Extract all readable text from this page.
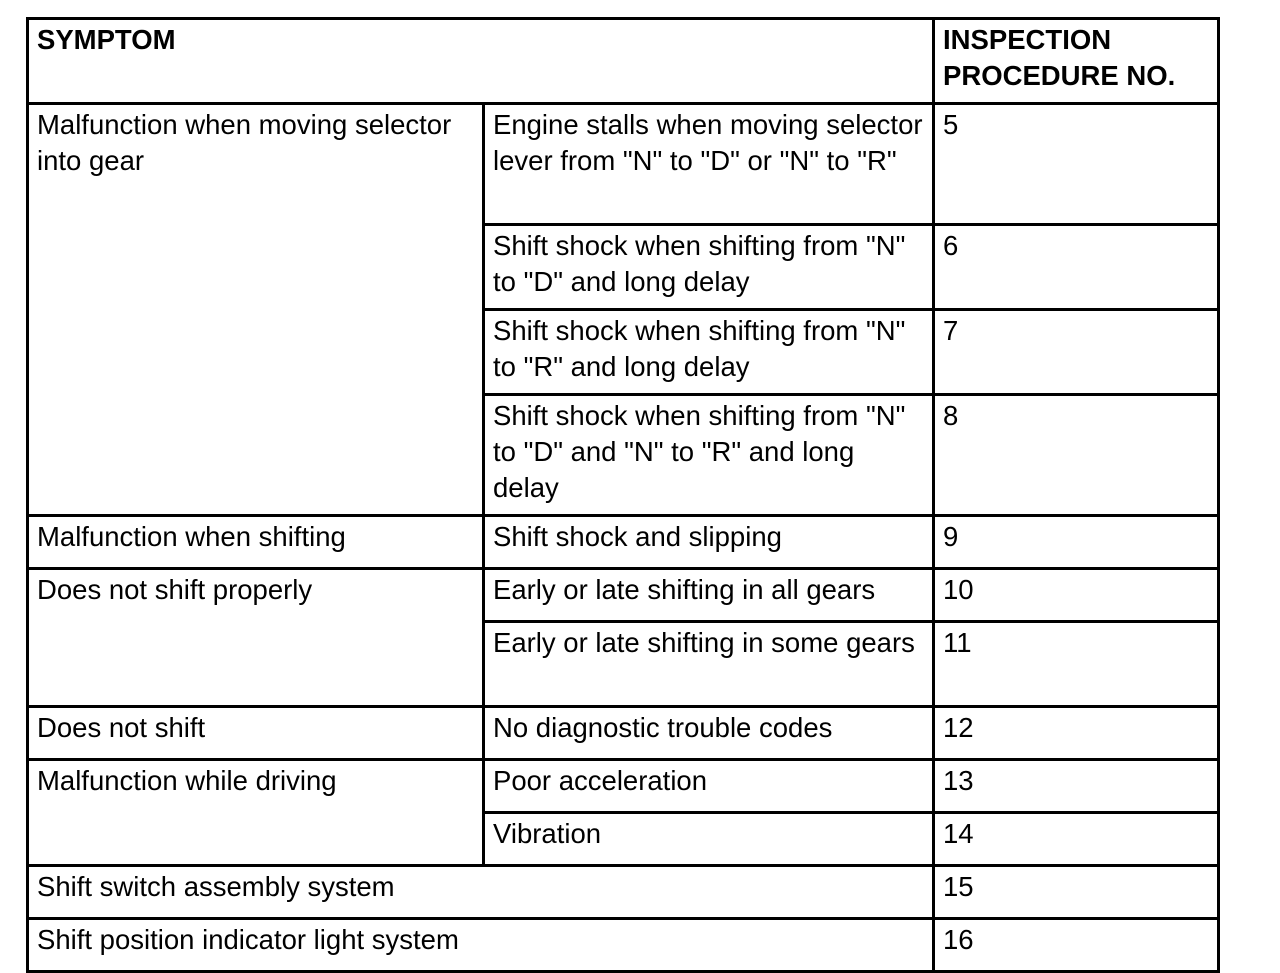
SYMPTOM		INSPECTION PROCEDURE NO.
Malfunction when moving selector into gear	Engine stalls when moving selector lever from "N" to "D" or "N" to "R"	5
	Shift shock when shifting from "N" to "D" and long delay	6
	Shift shock when shifting from "N" to "R" and long delay	7
	Shift shock when shifting from "N" to "D" and "N" to "R" and long delay	8
Malfunction when shifting	Shift shock and slipping	9
Does not shift properly	Early or late shifting in all gears	10
	Early or late shifting in some gears	11
Does not shift	No diagnostic trouble codes	12
Malfunction while driving	Poor acceleration	13
	Vibration	14
Shift switch assembly system		15
Shift position indicator light system		16
